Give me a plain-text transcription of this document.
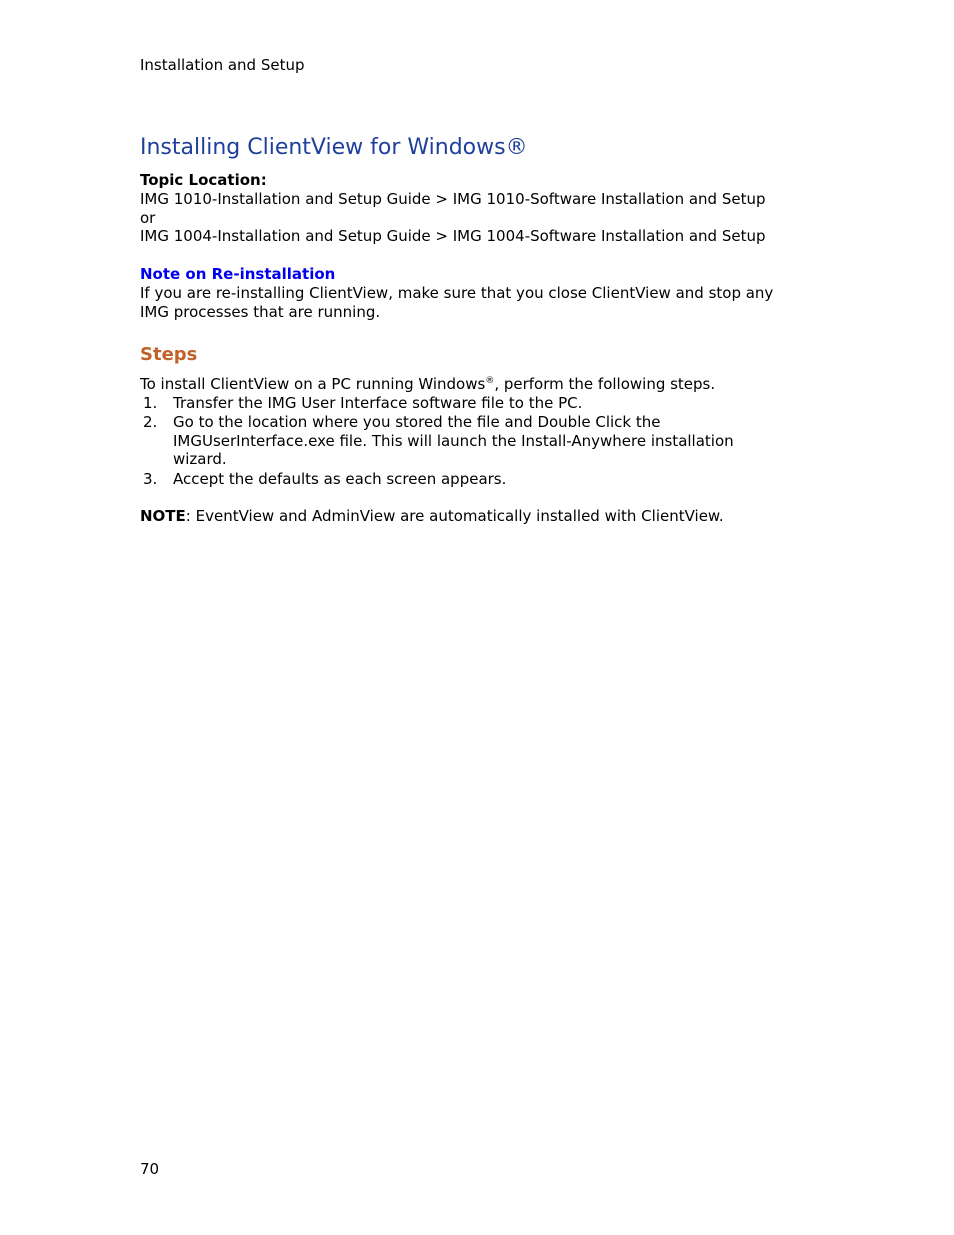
Installation and Setup
Installing ClientView for Windows®
Topic Location:
IMG 1010-Installation and Setup Guide > IMG 1010-Software Installation and Setup
or
IMG 1004-Installation and Setup Guide > IMG 1004-Software Installation and Setup
Note on Re-installation
If you are re-installing ClientView, make sure that you close ClientView and stop any
IMG processes that are running.
Steps
To install ClientView on a PC running Windows®, perform the following steps.
1.	Transfer the IMG User Interface software file to the PC.
2.	Go to the location where you stored the file and Double Click the
IMGUserInterface.exe file. This will launch the Install-Anywhere installation
wizard.
3.	Accept the defaults as each screen appears.
NOTE: EventView and AdminView are automatically installed with ClientView.
70
